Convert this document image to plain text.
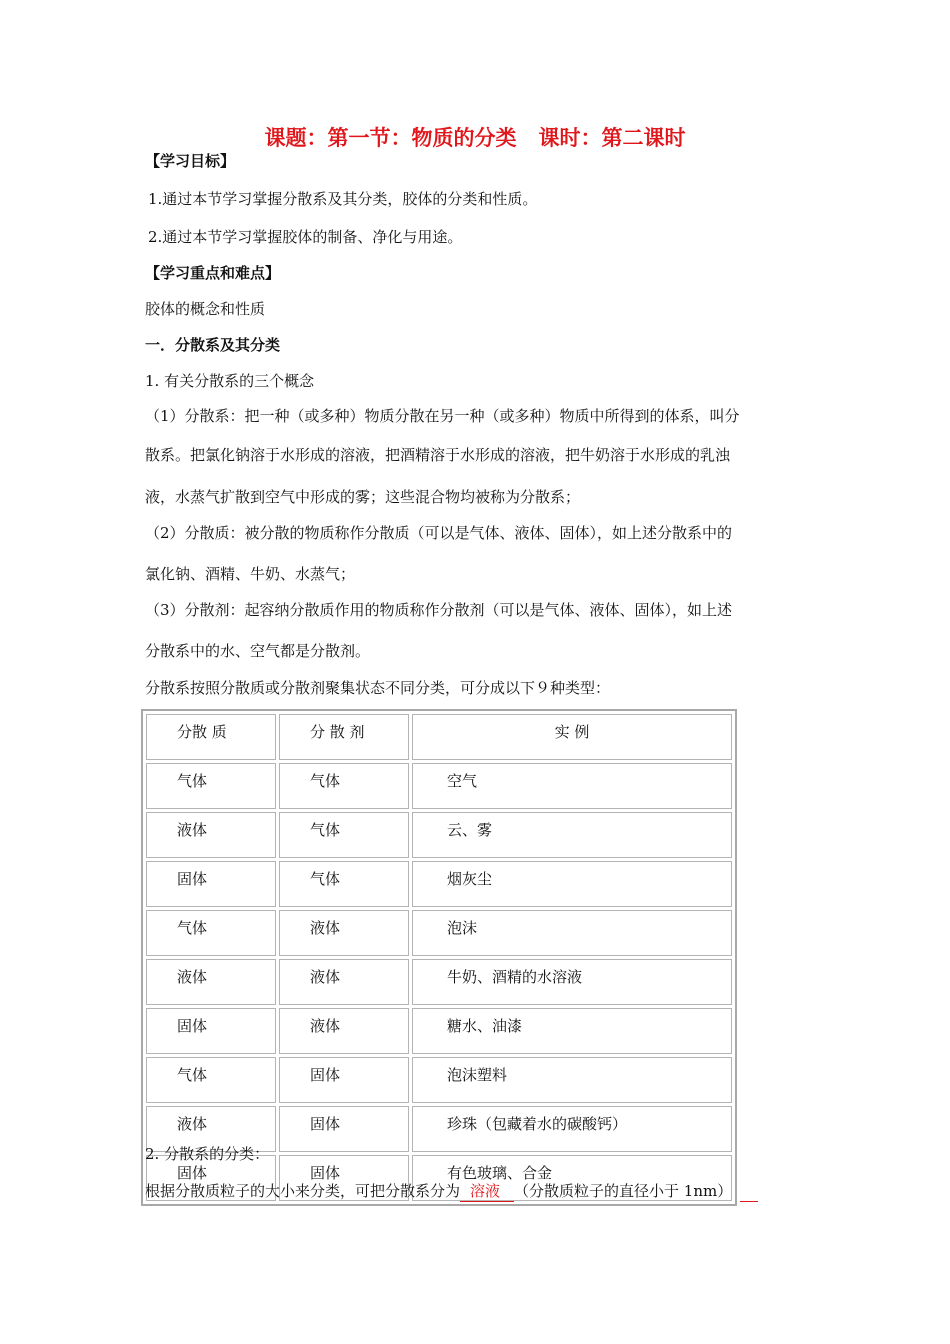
课题：第一节：物质的分类 课时：第二课时
【学习目标】
1.通过本节学习掌握分散系及其分类，胶体的分类和性质。
2.通过本节学习掌握胶体的制备、净化与用途。
【学习重点和难点】
胶体的概念和性质
一．分散系及其分类
1. 有关分散系的三个概念
（1）分散系：把一种（或多种）物质分散在另一种（或多种）物质中所得到的体系，叫分
散系。把氯化钠溶于水形成的溶液，把酒精溶于水形成的溶液，把牛奶溶于水形成的乳浊
液，水蒸气扩散到空气中形成的雾；这些混合物均被称为分散系；
（2）分散质：被分散的物质称作分散质（可以是气体、液体、固体），如上述分散系中的
氯化钠、酒精、牛奶、水蒸气；
（3）分散剂：起容纳分散质作用的物质称作分散剂（可以是气体、液体、固体），如上述
分散系中的水、空气都是分散剂。
分散系按照分散质或分散剂聚集状态不同分类，可分成以下９种类型：
分散 质	分 散 剂	实 例
气体	气体	空气
液体	气体	云、雾
固体	气体	烟灰尘
气体	液体	泡沫
液体	液体	牛奶、酒精的水溶液
固体	液体	糖水、油漆
气体	固体	泡沫塑料
液体	固体	珍珠（包藏着水的碳酸钙）
固体	固体	有色玻璃、合金
2. 分散系的分类：
根据分散质粒子的大小来分类，可把分散系分为 溶液 （分散质粒子的直径小于 1nm）
